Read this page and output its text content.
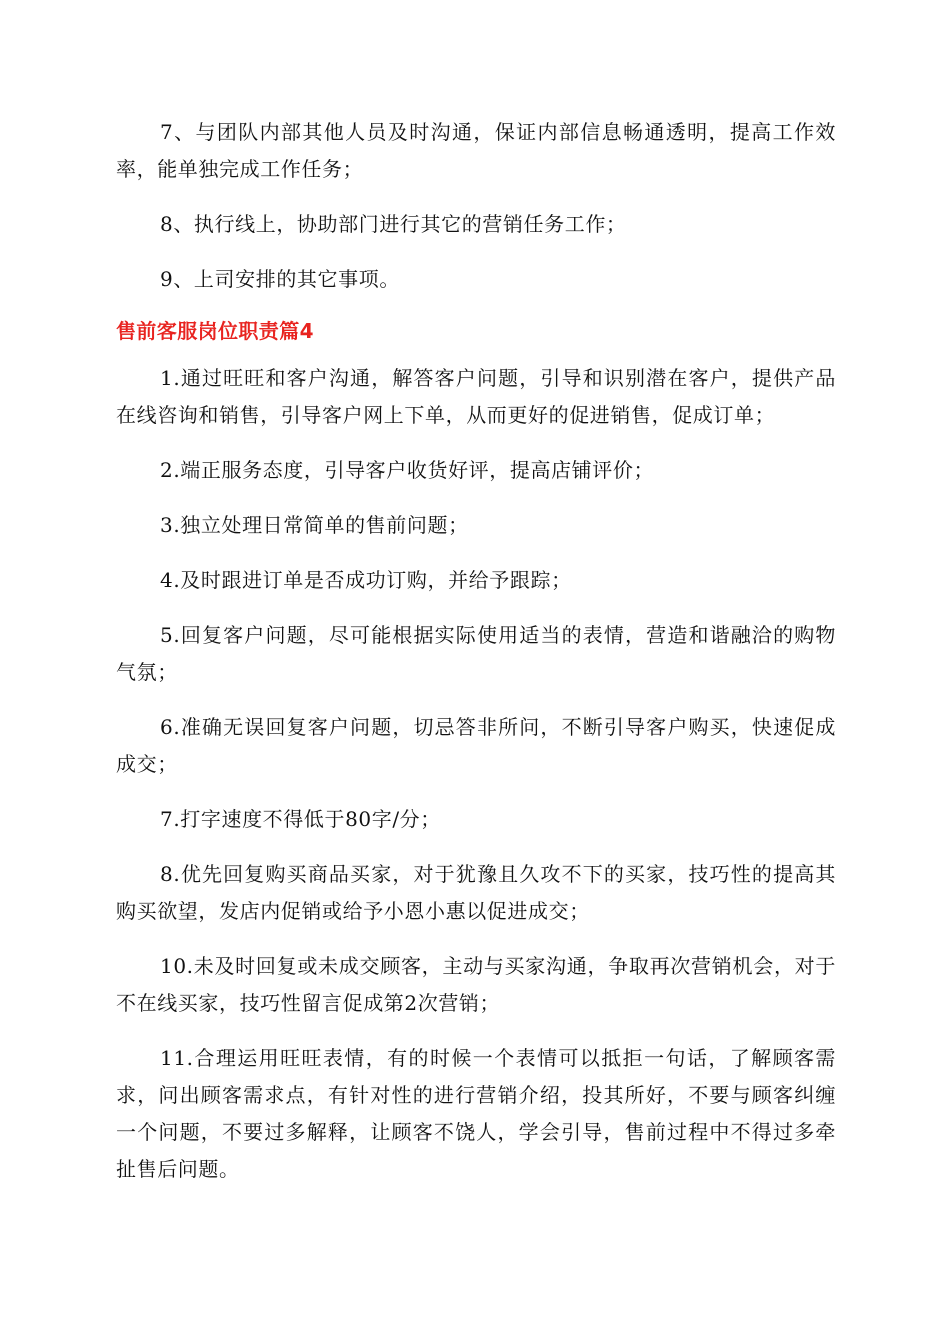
7、与团队内部其他人员及时沟通，保证内部信息畅通透明，提高工作效率，能单独完成工作任务；

8、执行线上，协助部门进行其它的营销任务工作；

9、上司安排的其它事项。

售前客服岗位职责篇4

1.通过旺旺和客户沟通，解答客户问题，引导和识别潜在客户，提供产品在线咨询和销售，引导客户网上下单，从而更好的促进销售，促成订单；

2.端正服务态度，引导客户收货好评，提高店铺评价；

3.独立处理日常简单的售前问题；

4.及时跟进订单是否成功订购，并给予跟踪；

5.回复客户问题，尽可能根据实际使用适当的表情，营造和谐融洽的购物气氛；

6.准确无误回复客户问题，切忌答非所问，不断引导客户购买，快速促成成交；

7.打字速度不得低于80字/分；

8.优先回复购买商品买家，对于犹豫且久攻不下的买家，技巧性的提高其购买欲望，发店内促销或给予小恩小惠以促进成交；

10.未及时回复或未成交顾客，主动与买家沟通，争取再次营销机会，对于不在线买家，技巧性留言促成第2次营销；

11.合理运用旺旺表情，有的时候一个表情可以抵拒一句话，了解顾客需求，问出顾客需求点，有针对性的进行营销介绍，投其所好，不要与顾客纠缠一个问题，不要过多解释，让顾客不饶人，学会引导，售前过程中不得过多牵扯售后问题。
